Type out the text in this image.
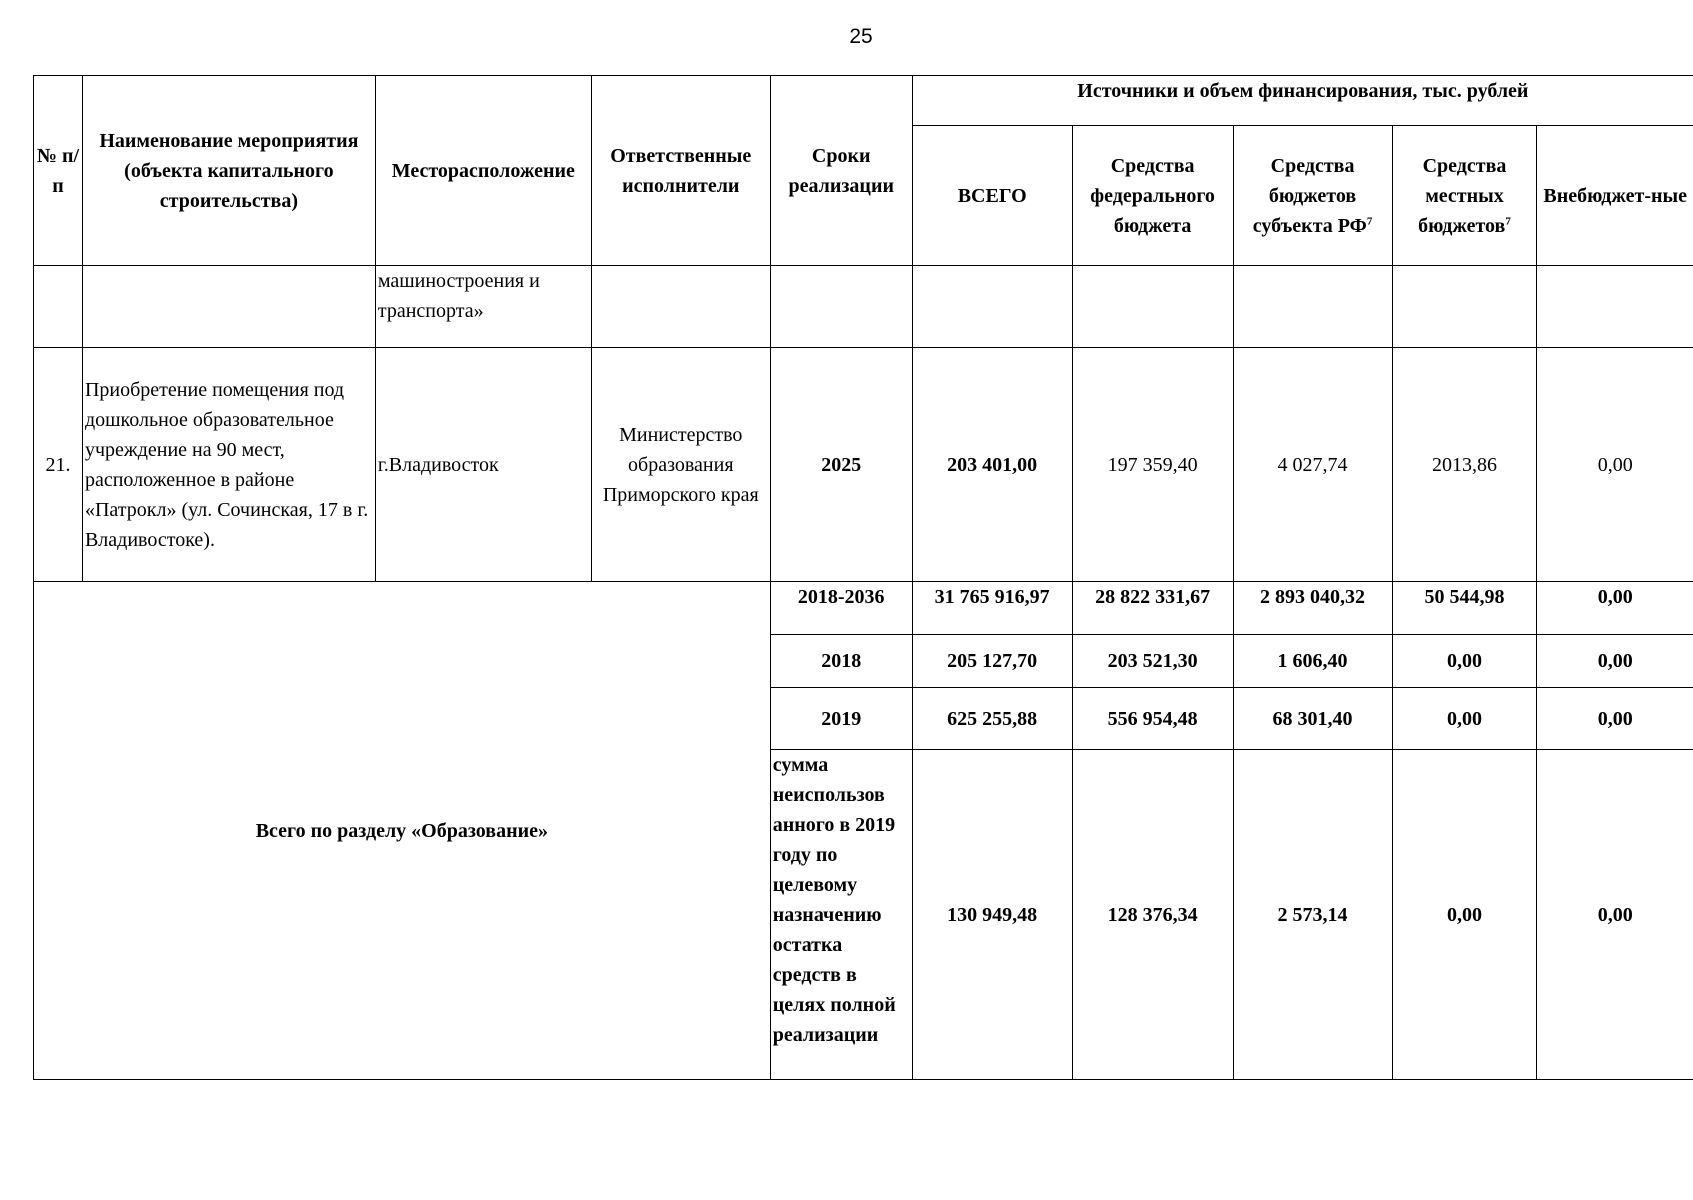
25
№ п/п	Наименование мероприятия (объекта капитального строительства)	Месторасположение	Ответственные исполнители	Сроки реализации	Источники и объем финансирования, тыс. рублей				
					ВСЕГО	Средства федерального бюджета	Средства бюджетов субъекта $РФ^7$	Средства местных бюджетов$^7$	Внебюджет-ные
		машиностроения и транспорта»							
21.	Приобретение помещения под дошкольное образовательное учреждение на 90 мест, расположенное в районе «Патрокл» (ул. Сочинская, 17 в г. Владивостоке).	г.Владивосток	Министерство образования Приморского края	2025	203 401,00	197 359,40	4 027,74	2013,86	0,00
Всего по разделу «Образование»				2018-2036	31 765 916,97	28 822 331,67	2 893 040,32	50 544,98	0,00
				2018	205 127,70	203 521,30	1 606,40	0,00	0,00
				2019	625 255,88	556 954,48	68 301,40	0,00	0,00

				сумма неиспользов анного в 2019 году по целевому назначению остатка средств в целях полной реализации	130 949,48	128 376,34	2 573,14	0,00	0,00
